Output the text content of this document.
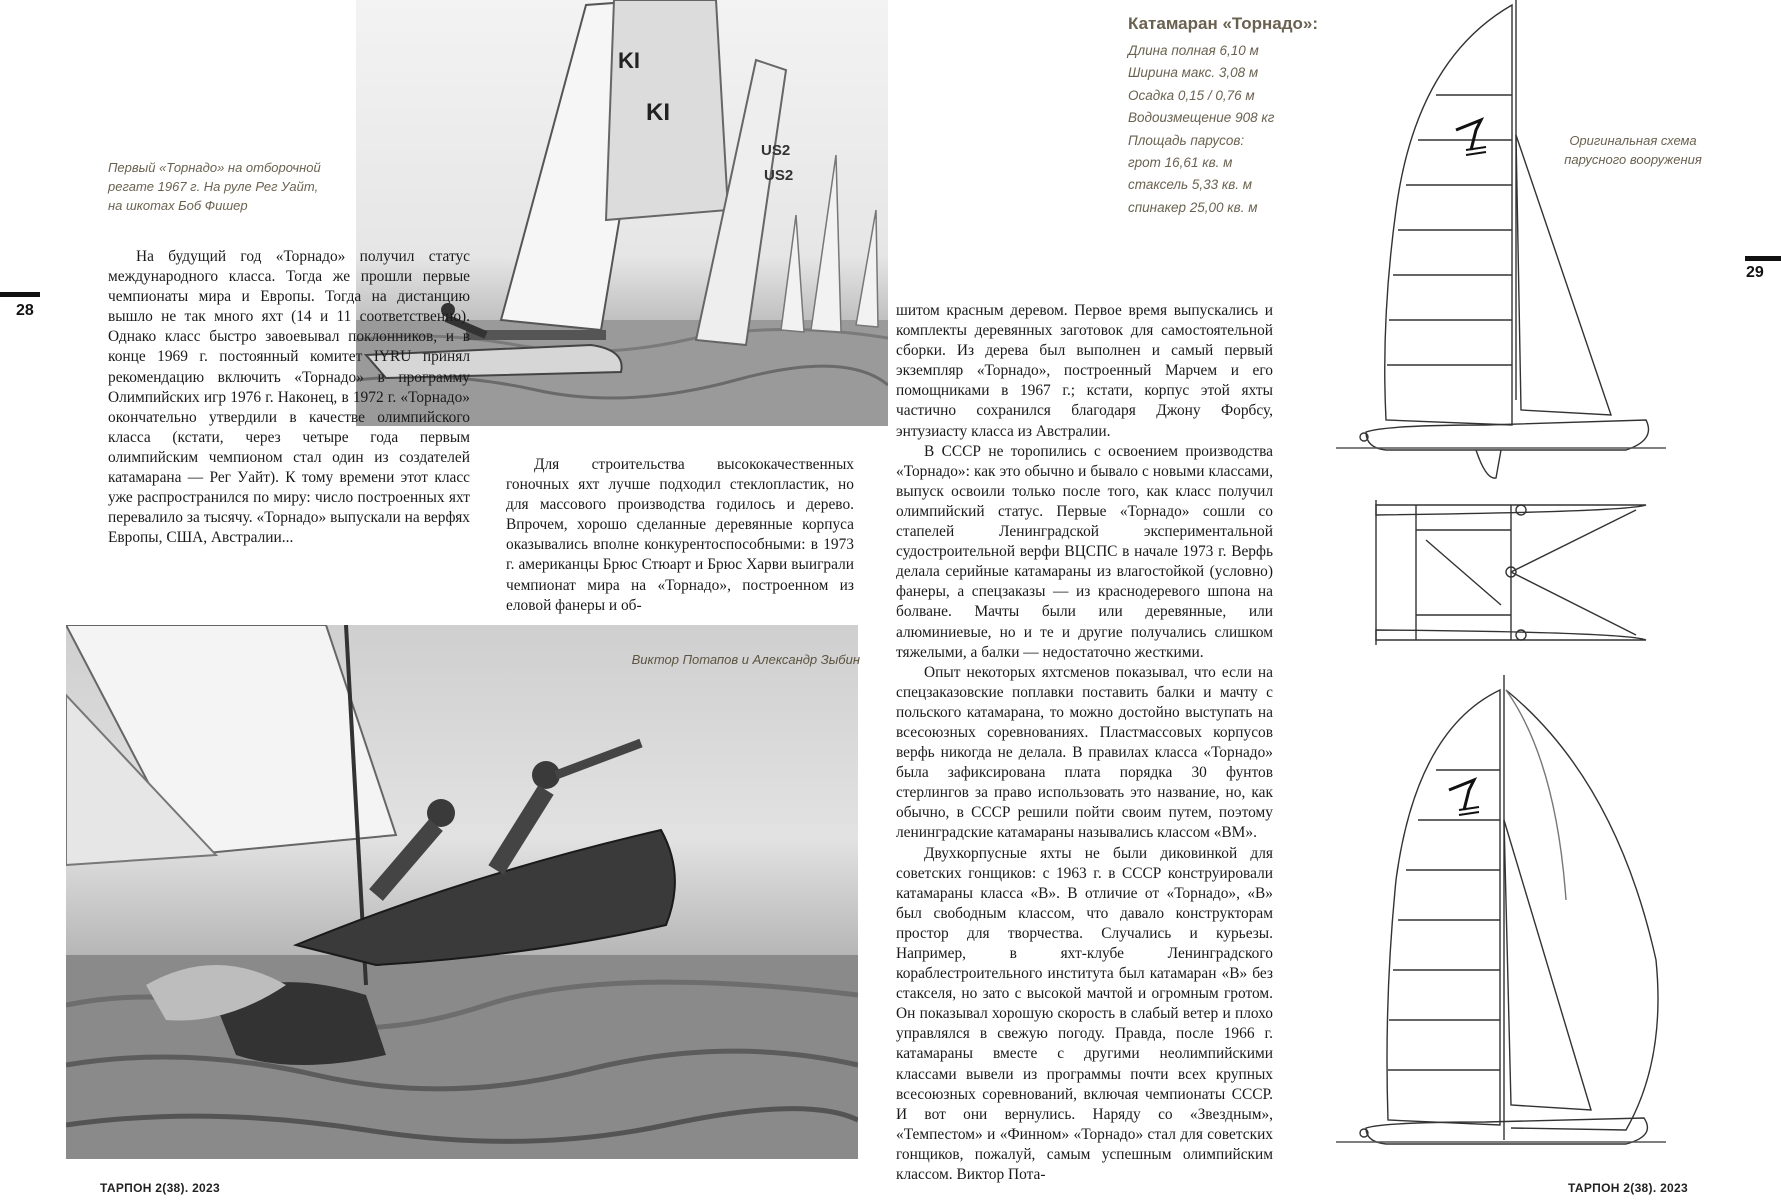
28
Первый «Торнадо» на отборочной регате 1967 г. На руле Рег Уайт, на шкотах Боб Фишер
KI
KI
US2
US2

На будущий год «Торнадо» получил статус международного класса. Тогда же прошли первые чемпионаты мира и Европы. Тогда на дистанцию вышло не так много яхт (14 и 11 соответственно). Однако класс быстро завоевывал поклонников, и в конце 1969 г. постоянный комитет IYRU принял рекомендацию включить «Торнадо» в программу Олимпийских игр 1976 г. Наконец, в 1972 г. «Торнадо» окончательно утвердили в качестве олимпийского класса (кстати, через четыре года первым олимпийским чемпионом стал один из создателей катамарана — Рег Уайт). К тому времени этот класс уже распространился по миру: число построенных яхт перевалило за тысячу. «Торнадо» выпускали на верфях Европы, США, Австралии...

Для строительства высококачественных гоночных яхт лучше подходил стеклопластик, но для массового производства годилось и дерево. Впрочем, хорошо сделанные деревянные корпуса оказывались вполне конкурентоспособными: в 1973 г. американцы Брюс Стюарт и Брюс Харви выиграли чемпионат мира на «Торнадо», построенном из еловой фанеры и об-

Виктор Потапов и Александр Зыбин
ТАРПОН 2(38). 2023
Катамаран «Торнадо»:
Длина полная 6,10 м
Ширина макс. 3,08 м
Осадка 0,15 / 0,76 м
Водоизмещение 908 кг
Площадь парусов:
грот 16,61 кв. м
стаксель 5,33 кв. м
спинакер 25,00 кв. м

шитом красным деревом. Первое время выпускались и комплекты деревянных заготовок для самостоятельной сборки. Из дерева был выполнен и самый первый экземпляр «Торнадо», построенный Марчем и его помощниками в 1967 г.; кстати, корпус этой яхты частично сохранился благодаря Джону Форбсу, энтузиасту класса из Австралии.

В СССР не торопились с освоением производства «Торнадо»: как это обычно и бывало с новыми классами, выпуск освоили только после того, как класс получил олимпийский статус. Первые «Торнадо» сошли со стапелей Ленинградской экспериментальной судостроительной верфи ВЦСПС в начале 1973 г. Верфь делала серийные катамараны из влагостойкой (условно) фанеры, а спецзаказы — из краснодеревого шпона на болване. Мачты были или деревянные, или алюминиевые, но и те и другие получались слишком тяжелыми, а балки — недостаточно жесткими.

Опыт некоторых яхтсменов показывал, что если на спецзаказовские поплавки поставить балки и мачту с польского катамарана, то можно достойно выступать на всесоюзных соревнованиях. Пластмассовых корпусов верфь никогда не делала. В правилах класса «Торнадо» была зафиксирована плата порядка 30 фунтов стерлингов за право использовать это название, но, как обычно, в СССР решили пойти своим путем, поэтому ленинградские катамараны назывались классом «ВМ».

Двухкорпусные яхты не были диковинкой для советских гонщиков: с 1963 г. в СССР конструировали катамараны класса «В». В отличие от «Торнадо», «В» был свободным классом, что давало конструкторам простор для творчества. Случались и курьезы. Например, в яхт-клубе Ленинградского кораблестроительного института был катамаран «В» без стакселя, но зато с высокой мачтой и огромным гротом. Он показывал хорошую скорость в слабый ветер и плохо управлялся в свежую погоду. Правда, после 1966 г. катамараны вместе с другими неолимпийскими классами вывели из программы почти всех крупных всесоюзных соревнований, включая чемпионаты СССР. И вот они вернулись. Наряду со «Звездным», «Темпестом» и «Финном» «Торнадо» стал для советских гонщиков, пожалуй, самым успешным олимпийским классом. Виктор Пота-

Оригинальная схема парусного вооружения
29
ТАРПОН 2(38). 2023
